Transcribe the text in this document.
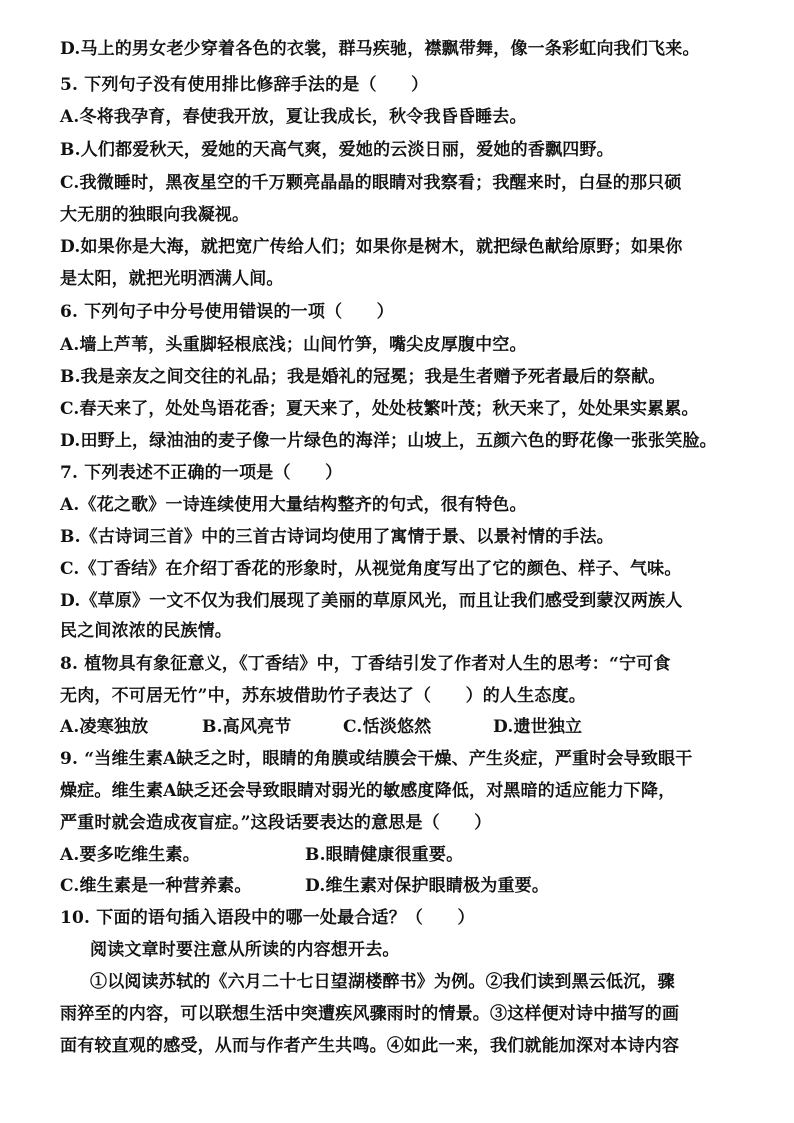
D.马上的男女老少穿着各色的衣裳，群马疾驰，襟飘带舞，像一条彩虹向我们飞来。
5. 下列句子没有使用排比修辞手法的是（　　）
A.冬将我孕育，春使我开放，夏让我成长，秋令我昏昏睡去。
B.人们都爱秋天，爱她的天高气爽，爱她的云淡日丽，爱她的香飘四野。
C.我微睡时，黑夜星空的千万颗亮晶晶的眼睛对我察看；我醒来时，白昼的那只硕
大无朋的独眼向我凝视。
D.如果你是大海，就把宽广传给人们；如果你是树木，就把绿色献给原野；如果你
是太阳，就把光明洒满人间。
6. 下列句子中分号使用错误的一项（　　）
A.墙上芦苇，头重脚轻根底浅；山间竹笋，嘴尖皮厚腹中空。
B.我是亲友之间交往的礼品；我是婚礼的冠冕；我是生者赠予死者最后的祭献。
C.春天来了，处处鸟语花香；夏天来了，处处枝繁叶茂；秋天来了，处处果实累累。
D.田野上，绿油油的麦子像一片绿色的海洋；山坡上，五颜六色的野花像一张张笑脸。
7. 下列表述不正确的一项是（　　）
A.《花之歌》一诗连续使用大量结构整齐的句式，很有特色。
B.《古诗词三首》中的三首古诗词均使用了寓情于景、以景衬情的手法。
C.《丁香结》在介绍丁香花的形象时，从视觉角度写出了它的颜色、样子、气味。
D.《草原》一文不仅为我们展现了美丽的草原风光，而且让我们感受到蒙汉两族人
民之间浓浓的民族情。
8. 植物具有象征意义，《丁香结》中，丁香结引发了作者对人生的思考：“宁可食
无肉，不可居无竹”中，苏东坡借助竹子表达了（　　）的人生态度。
A.凌寒独放	B.高风亮节	C.恬淡悠然	D.遗世独立
9. “当维生素A缺乏之时，眼睛的角膜或结膜会干燥、产生炎症，严重时会导致眼干
燥症。维生素A缺乏还会导致眼睛对弱光的敏感度降低，对黑暗的适应能力下降，
严重时就会造成夜盲症。”这段话要表达的意思是（　　）
A.要多吃维生素。	B.眼睛健康很重要。
C.维生素是一种营养素。	D.维生素对保护眼睛极为重要。
10. 下面的语句插入语段中的哪一处最合适？（　　）
阅读文章时要注意从所读的内容想开去。
①以阅读苏轼的《六月二十七日望湖楼醉书》为例。②我们读到黑云低沉，骤
雨猝至的内容，可以联想生活中突遭疾风骤雨时的情景。③这样便对诗中描写的画
面有较直观的感受，从而与作者产生共鸣。④如此一来，我们就能加深对本诗内容
